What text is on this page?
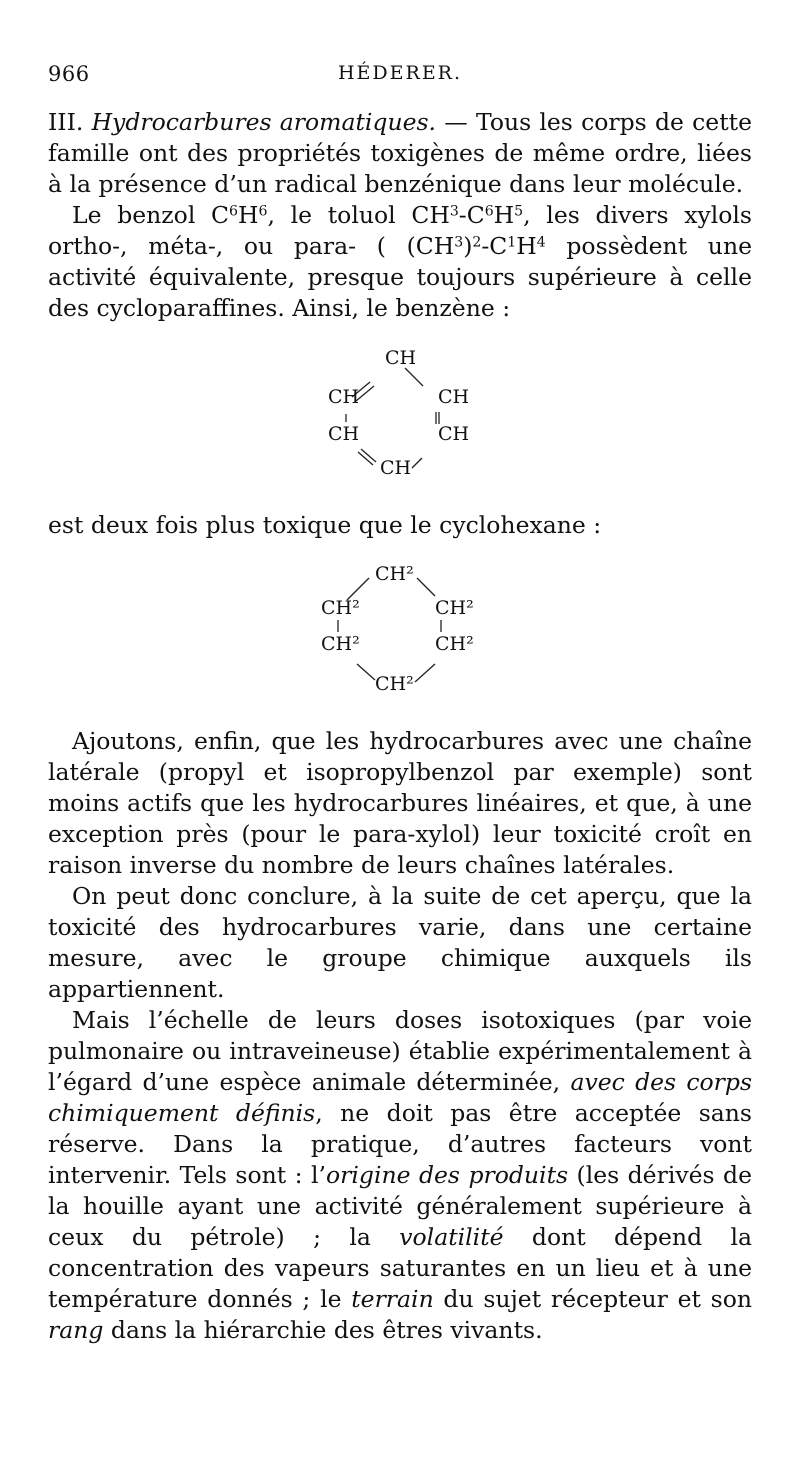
966	HÉDERER.

III. Hydrocarbures aromatiques. — Tous les corps de cette famille ont des propriétés toxigènes de même ordre, liées à la présence d’un radical benzénique dans leur molécule.

Le benzol $C^6H^6$, le toluol $CH^3-C^6H^5$, les divers xylols ortho-, méta-, ou para- ( $(CH^3)^2-C^1H^4$ possèdent une activité équivalente, presque toujours supérieure à celle des cycloparaffines. Ainsi, le benzène :

CH
CH	CH
CH	CH
CH

est deux fois plus toxique que le cyclohexane :

CH²
CH²	CH²
CH²	CH²
CH²

Ajoutons, enfin, que les hydrocarbures avec une chaîne latérale (propyl et isopropylbenzol par exemple) sont moins actifs que les hydrocarbures linéaires, et que, à une exception près (pour le para-xylol) leur toxicité croît en raison inverse du nombre de leurs chaînes latérales.

On peut donc conclure, à la suite de cet aperçu, que la toxicité des hydrocarbures varie, dans une certaine mesure, avec le groupe chimique auxquels ils appartiennent.

Mais l’échelle de leurs doses isotoxiques (par voie pulmonaire ou intraveineuse) établie expérimentalement à l’égard d’une espèce animale déterminée, avec des corps chimiquement définis, ne doit pas être acceptée sans réserve. Dans la pratique, d’autres facteurs vont intervenir. Tels sont : l’origine des produits (les dérivés de la houille ayant une activité généralement supérieure à ceux du pétrole) ; la volatilité dont dépend la concentration des vapeurs saturantes en un lieu et à une température donnés ; le terrain du sujet récepteur et son rang dans la hiérarchie des êtres vivants.
